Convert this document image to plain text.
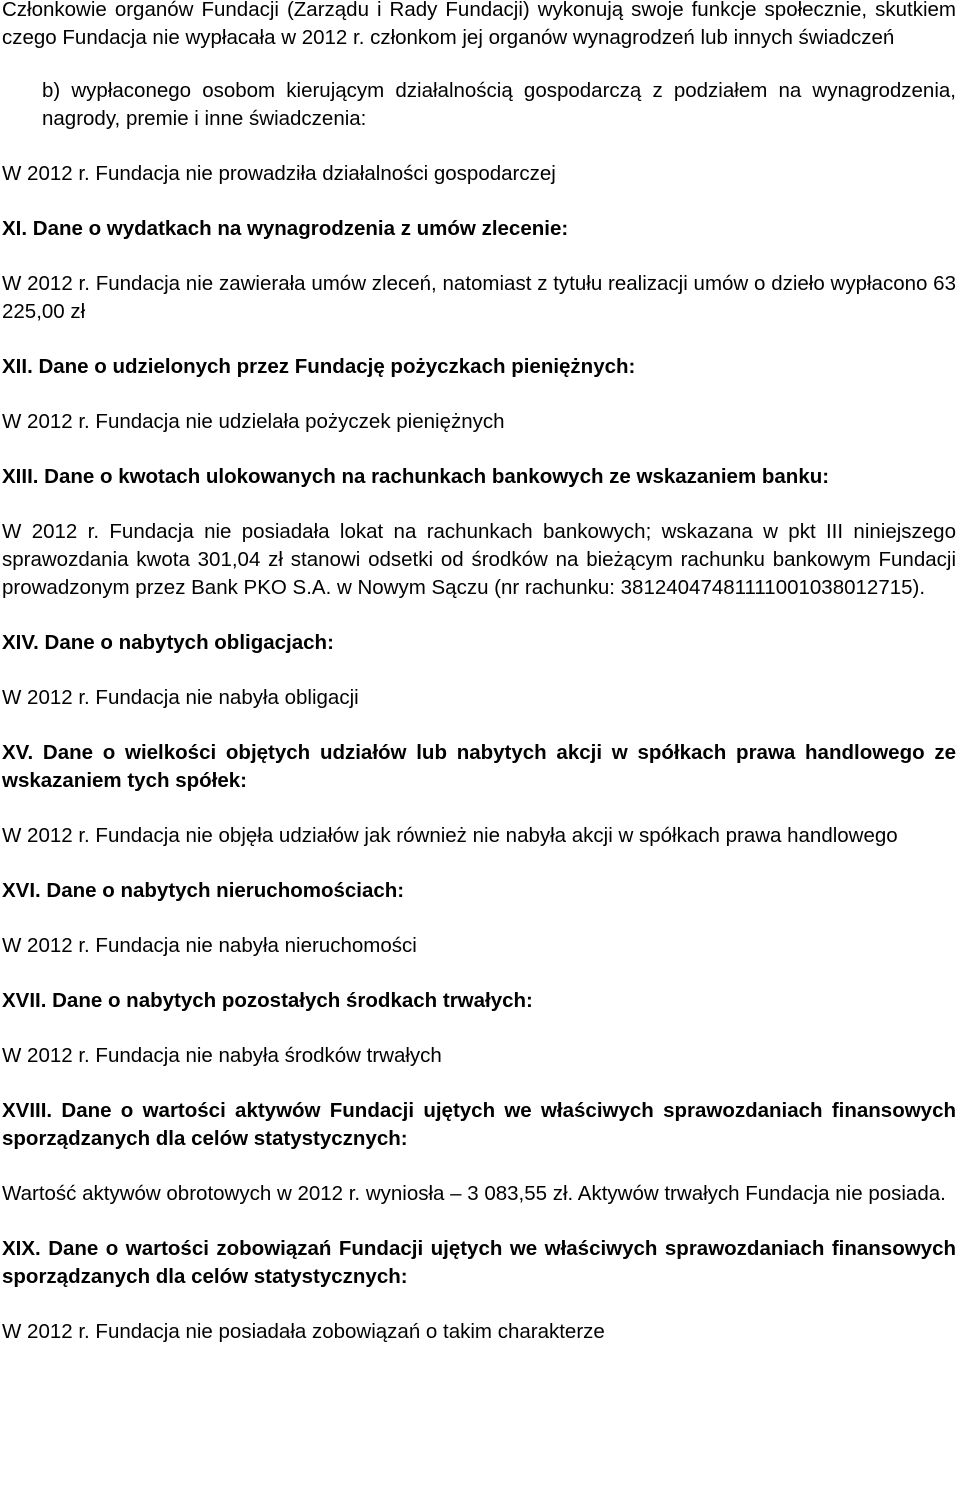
Członkowie organów Fundacji (Zarządu i Rady Fundacji) wykonują swoje funkcje społecznie, skutkiem czego Fundacja nie wypłacała w 2012 r. członkom jej organów wynagrodzeń lub innych świadczeń

b) wypłaconego osobom kierującym działalnością gospodarczą z podziałem na wynagrodzenia, nagrody, premie i inne świadczenia:

W 2012 r. Fundacja nie prowadziła działalności gospodarczej

XI. Dane o wydatkach na wynagrodzenia z umów zlecenie:

W 2012 r. Fundacja nie zawierała umów zleceń, natomiast z tytułu realizacji umów o dzieło wypłacono 63 225,00 zł

XII. Dane o udzielonych przez Fundację pożyczkach pieniężnych:

W 2012 r. Fundacja nie udzielała pożyczek pieniężnych

XIII. Dane o kwotach ulokowanych na rachunkach bankowych ze wskazaniem banku:

W 2012 r. Fundacja nie posiadała lokat na rachunkach bankowych; wskazana w pkt III niniejszego sprawozdania kwota 301,04 zł stanowi odsetki od środków na bieżącym rachunku bankowym Fundacji prowadzonym przez Bank PKO S.A. w Nowym Sączu (nr rachunku: 38124047481111001038012715).

XIV. Dane o nabytych obligacjach:

W 2012 r. Fundacja nie nabyła obligacji

XV. Dane o wielkości objętych udziałów lub nabytych akcji w spółkach prawa handlowego ze wskazaniem tych spółek:

W 2012 r. Fundacja nie objęła udziałów jak również nie nabyła akcji w spółkach prawa handlowego

XVI. Dane o nabytych nieruchomościach:

W 2012 r. Fundacja nie nabyła nieruchomości

XVII. Dane o nabytych pozostałych środkach trwałych:

W 2012 r. Fundacja nie nabyła środków trwałych

XVIII. Dane o wartości aktywów Fundacji ujętych we właściwych sprawozdaniach finansowych sporządzanych dla celów statystycznych:

Wartość aktywów obrotowych w 2012 r. wyniosła – 3 083,55 zł. Aktywów trwałych Fundacja nie posiada.

XIX. Dane o wartości zobowiązań Fundacji ujętych we właściwych sprawozdaniach finansowych sporządzanych dla celów statystycznych:

W 2012 r. Fundacja nie posiadała zobowiązań o takim charakterze
